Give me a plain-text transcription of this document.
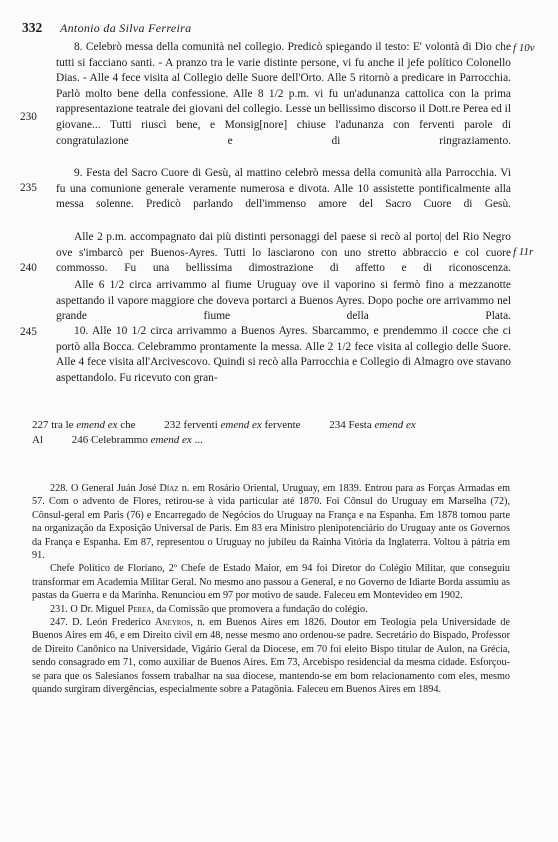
332 Antonio da Silva Ferreira
8. Celebrò messa della comunità nel collegio. Predicò spiegando il testo: E' volontà di Dio che tutti si facciano santi. - A pranzo tra le varie distinte persone, vi fu anche il jefe político Colonello Dias. - Alle 4 fece visita al Collegio delle Suore dell'Orto. Alle 5 ritornò a predicare in Parrocchia. Parlò molto bene della confessione. Alle 8 1/2 p.m. vi fu un'adunanza cattolica con la prima rappresentazione teatrale dei giovani del collegio. Lesse un bellissimo discorso il Dott.re Perea ed il giovane... Tutti riuscì bene, e Monsig[nore] chiuse l'adunanza con ferventi parole di congratulazione e di ringraziamento.
9. Festa del Sacro Cuore di Gesù, al mattino celebrò messa della comunità alla Parrocchia. Vi fu una comunione generale veramente numerosa e divota. Alle 10 assistette pontificalmente alla messa solenne. Predicò parlando dell'immenso amore del Sacro Cuore di Gesù.
Alle 2 p.m. accompagnato dai più distinti personaggi del paese si recò al porto| del Rio Negro ove s'imbarcò per Buenos-Ayres. Tutti lo lasciarono con uno stretto abbraccio e col cuore commosso. Fu una bellissima dimostrazione di affetto e di riconoscenza.
Alle 6 1/2 circa arrivammo al fiume Uruguay ove il vaporino si fermò fino a mezzanotte aspettando il vapore maggiore che doveva portarci a Buenos Ayres. Dopo poche ore arrivammo nel grande fiume della Plata.
10. Alle 10 1/2 circa arrivammo a Buenos Ayres. Sbarcammo, e prendemmo il cocce che ci portò alla Bocca. Celebrammo prontamente la messa. Alle 2 1/2 fece visita al collegio delle Suore. Alle 4 fece visita all'Arcivescovo. Quindi si recò alla Parrocchia e Collegio di Almagro ove stavano aspettandolo. Fu ricevuto con gran-
230
235
240
245
f 10v
f 11r
227 tra le emend ex che	232 ferventi emend ex fervente	234 Festa emend ex
Al	246 Celebrammo emend ex ...

228. O General Juán José Díaz n. em Rosário Oriental, Uruguay, em 1839. Entrou para as Forças Armadas em 57. Com o advento de Flores, retirou-se à vida particular até 1870. Foi Cônsul do Uruguay em Marselha (72), Cônsul-geral em Paris (76) e Encarregado de Negócios do Uruguay na França e na Espanha. Em 1878 tomou parte na organização da Exposição Universal de Paris. Em 83 era Ministro plenipotenciário do Uruguay ante os Governos da França e Espanha. Em 87, representou o Uruguay no jubileu da Rainha Vitória da Inglaterra. Voltou à pátria em 91.

Chefe Político de Floriano, 2º Chefe de Estado Maior, em 94 foi Diretor do Colégio Militar, que conseguiu transformar em Academia Militar Geral. No mesmo ano passou a General, e no Governo de Idiarte Borda assumiu as pastas da Guerra e da Marinha. Renunciou em 97 por motivo de saude. Faleceu em Montevideo em 1902.

231. O Dr. Miguel Perea, da Comissão que promovera a fundação do colégio.

247. D. León Frederico Aneyros, n. em Buenos Aires em 1826. Doutor em Teologia pela Universidade de Buenos Aires em 46, e em Direito civil em 48, nesse mesmo ano ordenou-se padre. Secretário do Bispado, Professor de Direito Canônico na Universidade, Vigário Geral da Diocese, em 70 foi eleito Bispo titular de Aulon, na Grécia, sendo consagrado em 71, como auxiliar de Buenos Aires. Em 73, Arcebispo residencial da mesma cidade. Esforçou-se para que os Salesianos fossem trabalhar na sua diocese, mantendo-se em bom relacionamento com eles, mesmo quando surgiram divergências, especialmente sobre a Patagônia. Faleceu em Buenos Aires em 1894.
